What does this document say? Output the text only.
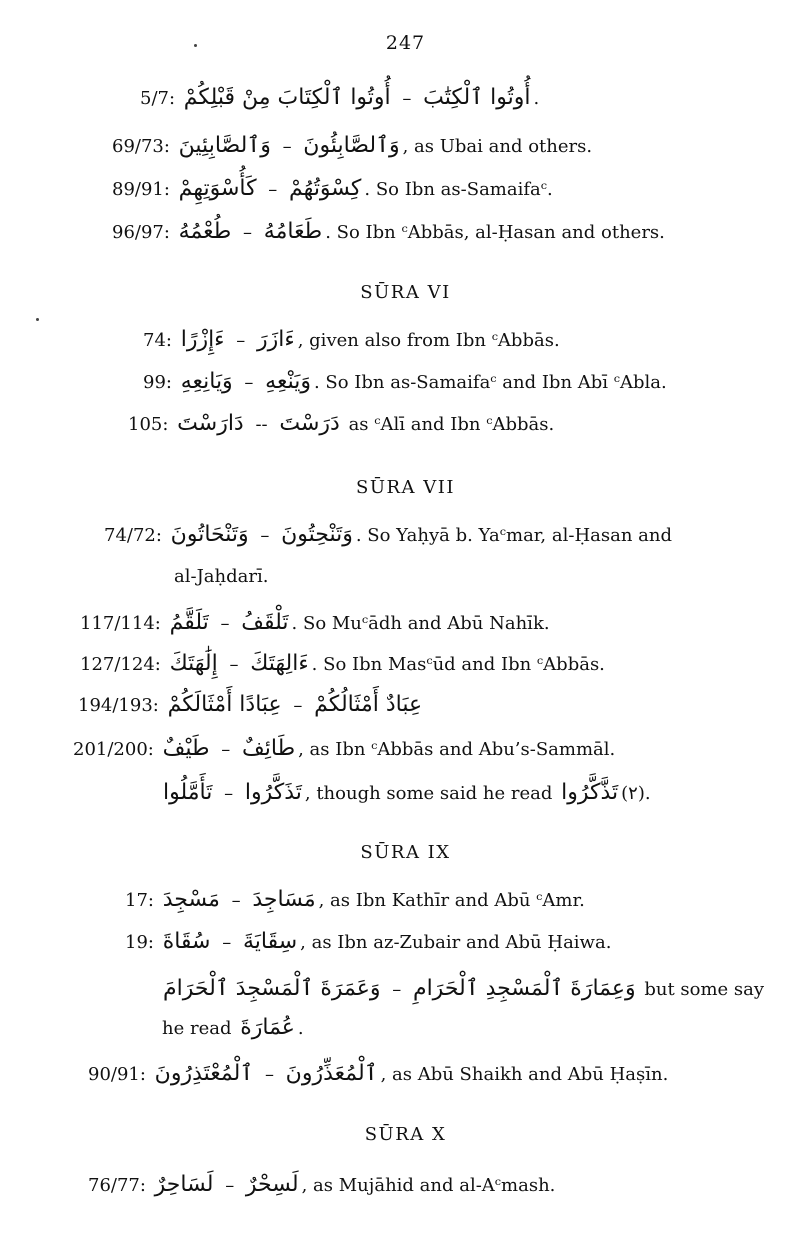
247
5/7: أُوتُوا ٱلْكِتَابَ مِنْ قَبْلِكُمْ – أُوتُوا ٱلْكِتَٰبَ .
69/73: وَٱلصَّابِئِينَ – وَٱلصَّابِئُونَ , as Ubai and others.
89/91: كَأُسْوَتِهِمْ – كِسْوَتُهُمْ . So Ibn as-Samaifaᶜ.
96/97: طُعْمُهُ – طَعَامُهُ . So Ibn ᶜAbbās, al-Ḥasan and others.
SŪRA VI
74: ءَإِزْرًا – ءَازَرَ , given also from Ibn ᶜAbbās.
99: وَيَانِعِهِ – وَيَنْعِهِ . So Ibn as-Samaifaᶜ and Ibn Abī ᶜAbla.
105: دَارَسْتَ -- دَرَسْتَ as ᶜAlī and Ibn ᶜAbbās.
SŪRA VII
74/72: وَتَنْحَاتُونَ – وَتَنْحِتُونَ . So Yaḥyā b. Yaᶜmar, al-Ḥasan and
al-Jaḥdarī.
117/114: تَلَقَّمُ – تَلْقَفُ . So Muᶜādh and Abū Nahīk.
127/124: إِلَٰهَتَكَ – ءَالِهَتَكَ . So Ibn Masᶜūd and Ibn ᶜAbbās.
194/193: عِبَادًا أَمْثَالَكُمْ – عِبَادٌ أَمْثَالُكُمْ
201/200: طَيْفٌ – طَائِفٌ , as Ibn ᶜAbbās and Abu’s-Sammāl.
تَأَمَّلُوا – تَذَكَّرُوا , though some said he read تَذَّكَّرُوا (٢).
SŪRA IX
17: مَسْجِدَ – مَسَاجِدَ , as Ibn Kathīr and Abū ᶜAmr.
19: سُقَاةَ – سِقَايَةَ , as Ibn az-Zubair and Abū Ḥaiwa.
وَعَمَرَةَ ٱلْمَسْجِدَ ٱلْحَرَامَ – وَعِمَارَةَ ٱلْمَسْجِدِ ٱلْحَرَامِ but some say
he read عُمَارَةَ .
90/91: ٱلْمُعْتَذِرُونَ – ٱلْمُعَذِّرُونَ , as Abū Shaikh and Abū Ḥaṣīn.
SŪRA X
76/77: لَسَاحِرٌ – لَسِحْرٌ , as Mujāhid and al-Aᶜmash.
